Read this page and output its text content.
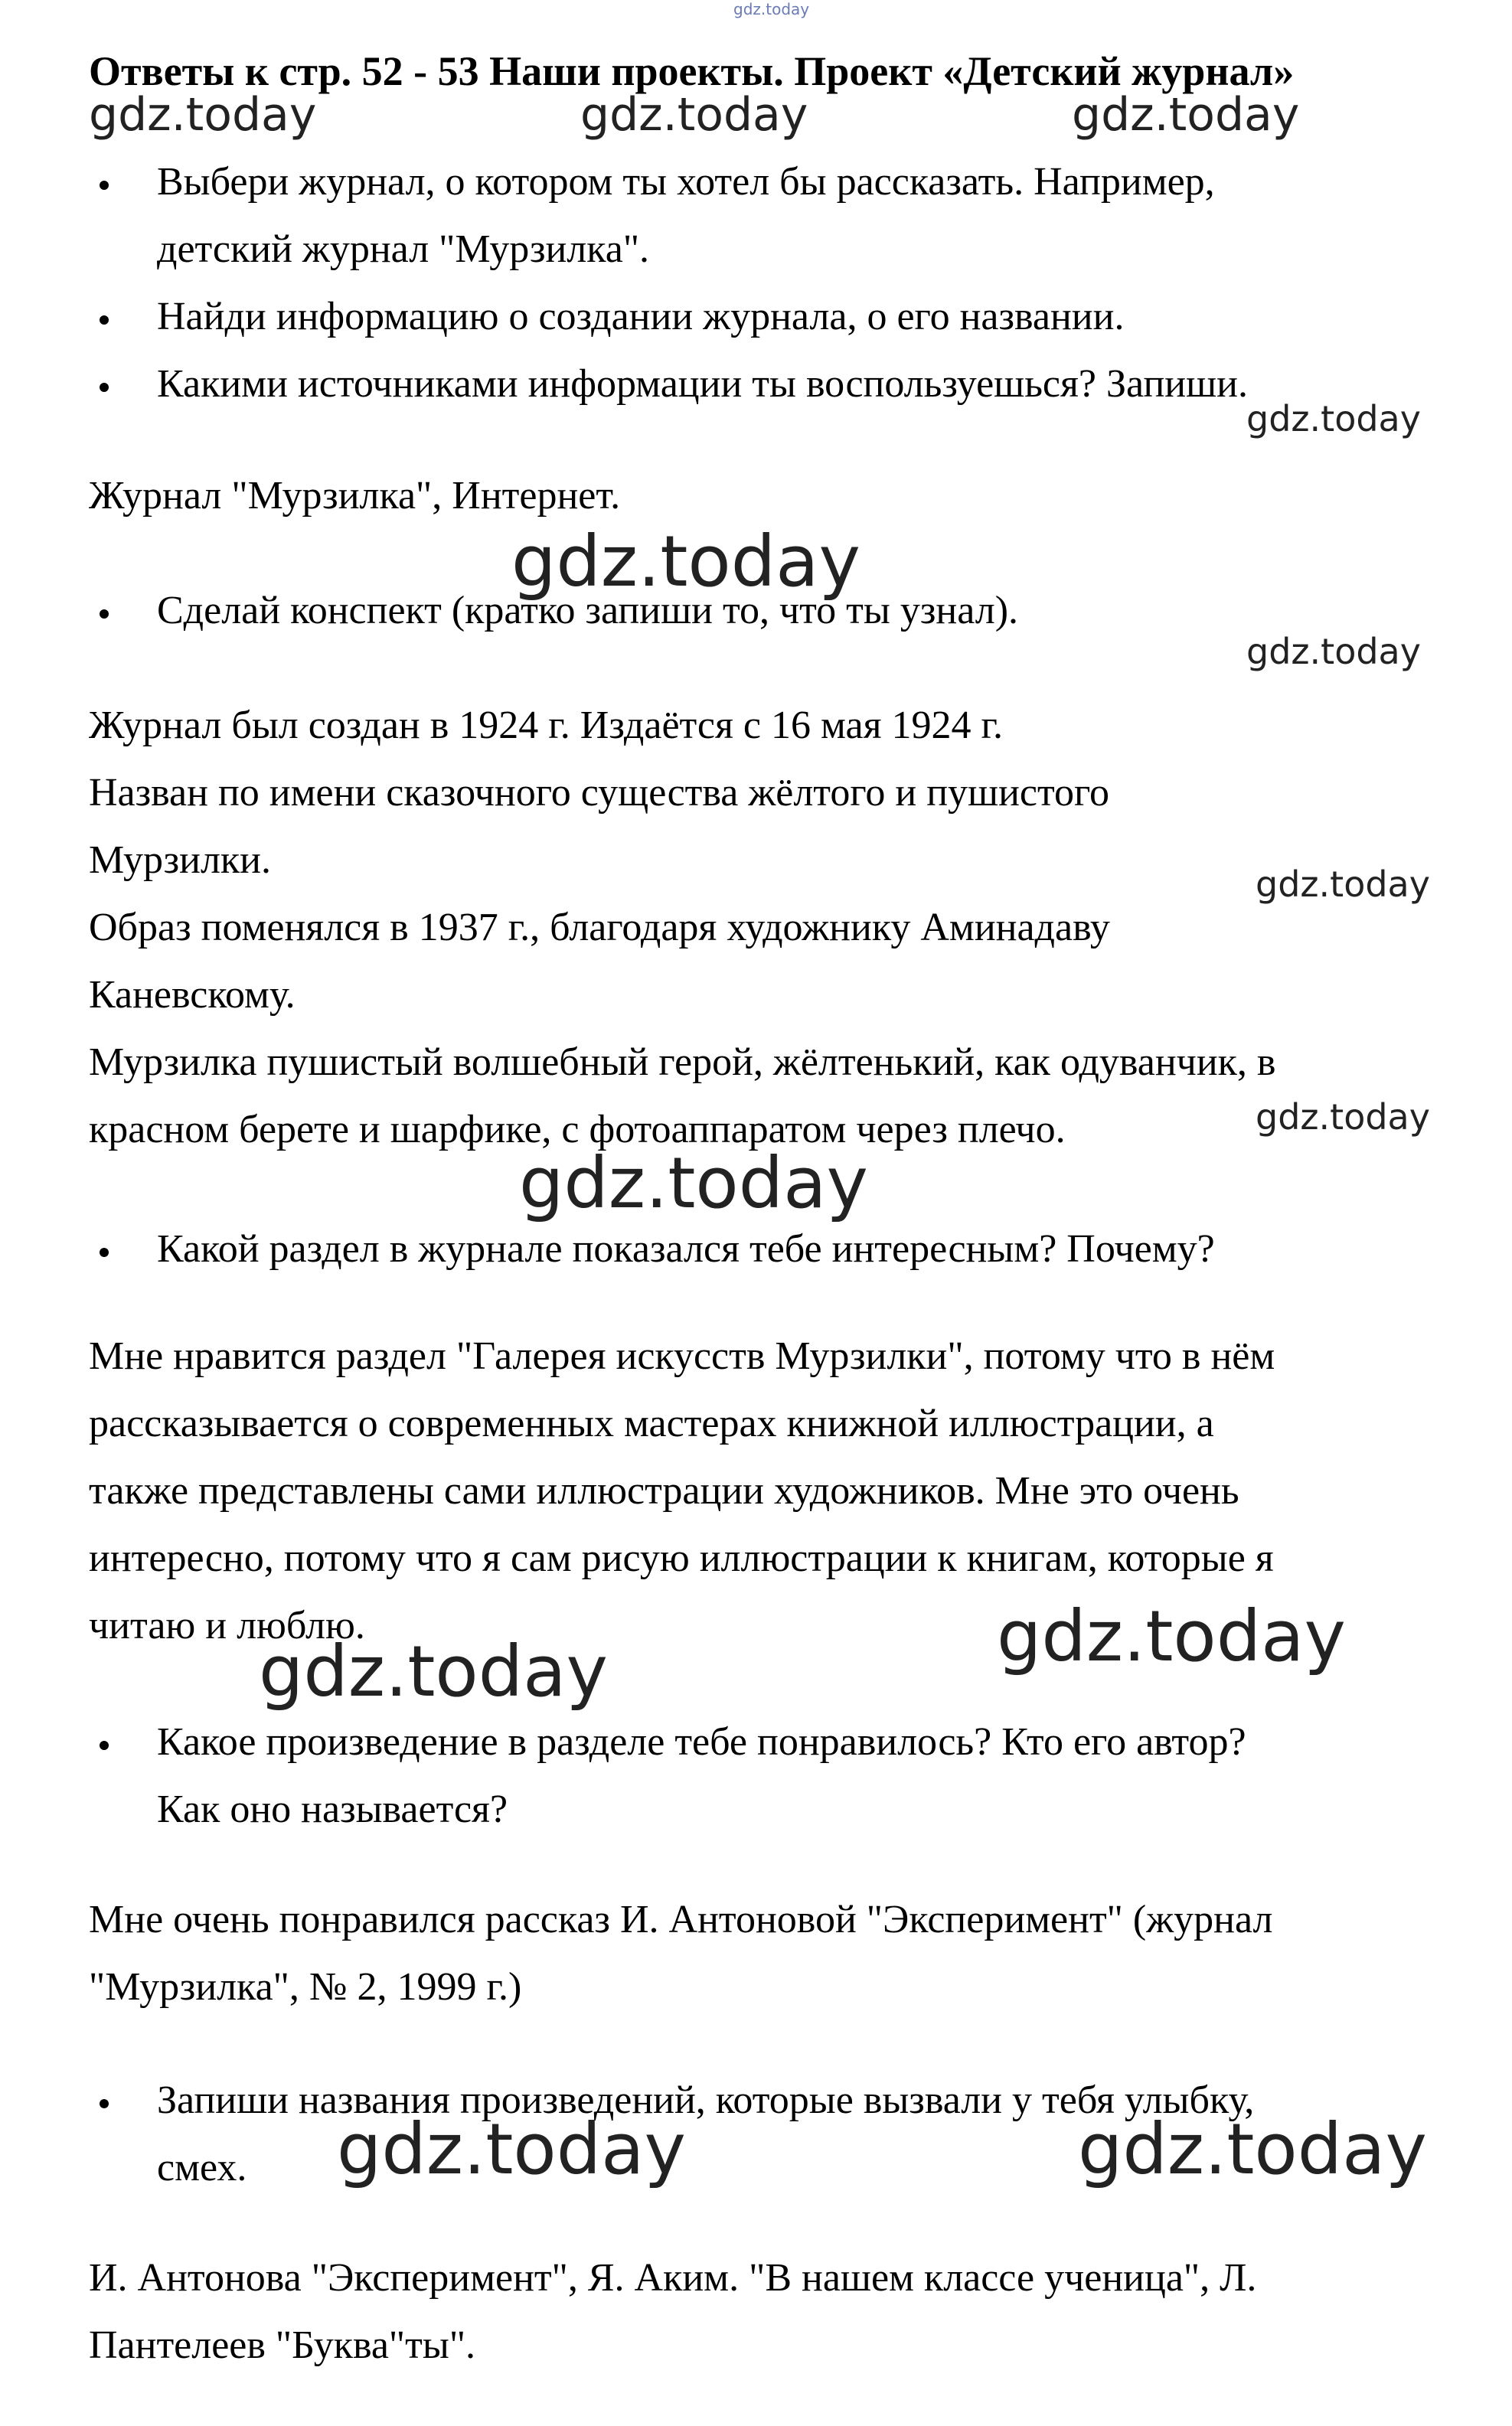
gdz.today
Ответы к стр. 52 - 53 Наши проекты. Проект «Детский журнал»
gdz.today	gdz.today	gdz.today
Выбери журнал, о котором ты хотел бы рассказать. Например,
детский журнал "Мурзилка".
Найди информацию о создании журнала, о его названии.
Какими источниками информации ты воспользуешься? Запиши.
gdz.today
Журнал "Мурзилка", Интернет.
gdz.today
Сделай конспект (кратко запиши то, что ты узнал).
gdz.today
Журнал был создан в 1924 г. Издаётся с 16 мая 1924 г.
Назван по имени сказочного существа жёлтого и пушистого
Мурзилки.
gdz.today
Образ поменялся в 1937 г., благодаря художнику Аминадаву
Каневскому.
Мурзилка пушистый волшебный герой, жёлтенький, как одуванчик, в
красном берете и шарфике, с фотоаппаратом через плечо.	gdz.today
gdz.today
Какой раздел в журнале показался тебе интересным? Почему?
Мне нравится раздел "Галерея искусств Мурзилки", потому что в нём
рассказывается о современных мастерах книжной иллюстрации, а
также представлены сами иллюстрации художников. Мне это очень
интересно, потому что я сам рисую иллюстрации к книгам, которые я
читаю и люблю.	gdz.today
gdz.today
Какое произведение в разделе тебе понравилось? Кто его автор?
Как оно называется?
Мне очень понравился рассказ И. Антоновой "Эксперимент" (журнал
"Мурзилка", № 2, 1999 г.)
Запиши названия произведений, которые вызвали у тебя улыбку,
смех. gdz.today	gdz.today
И. Антонова "Эксперимент", Я. Аким. "В нашем классе ученица", Л.
Пантелеев "Буква"ты".
